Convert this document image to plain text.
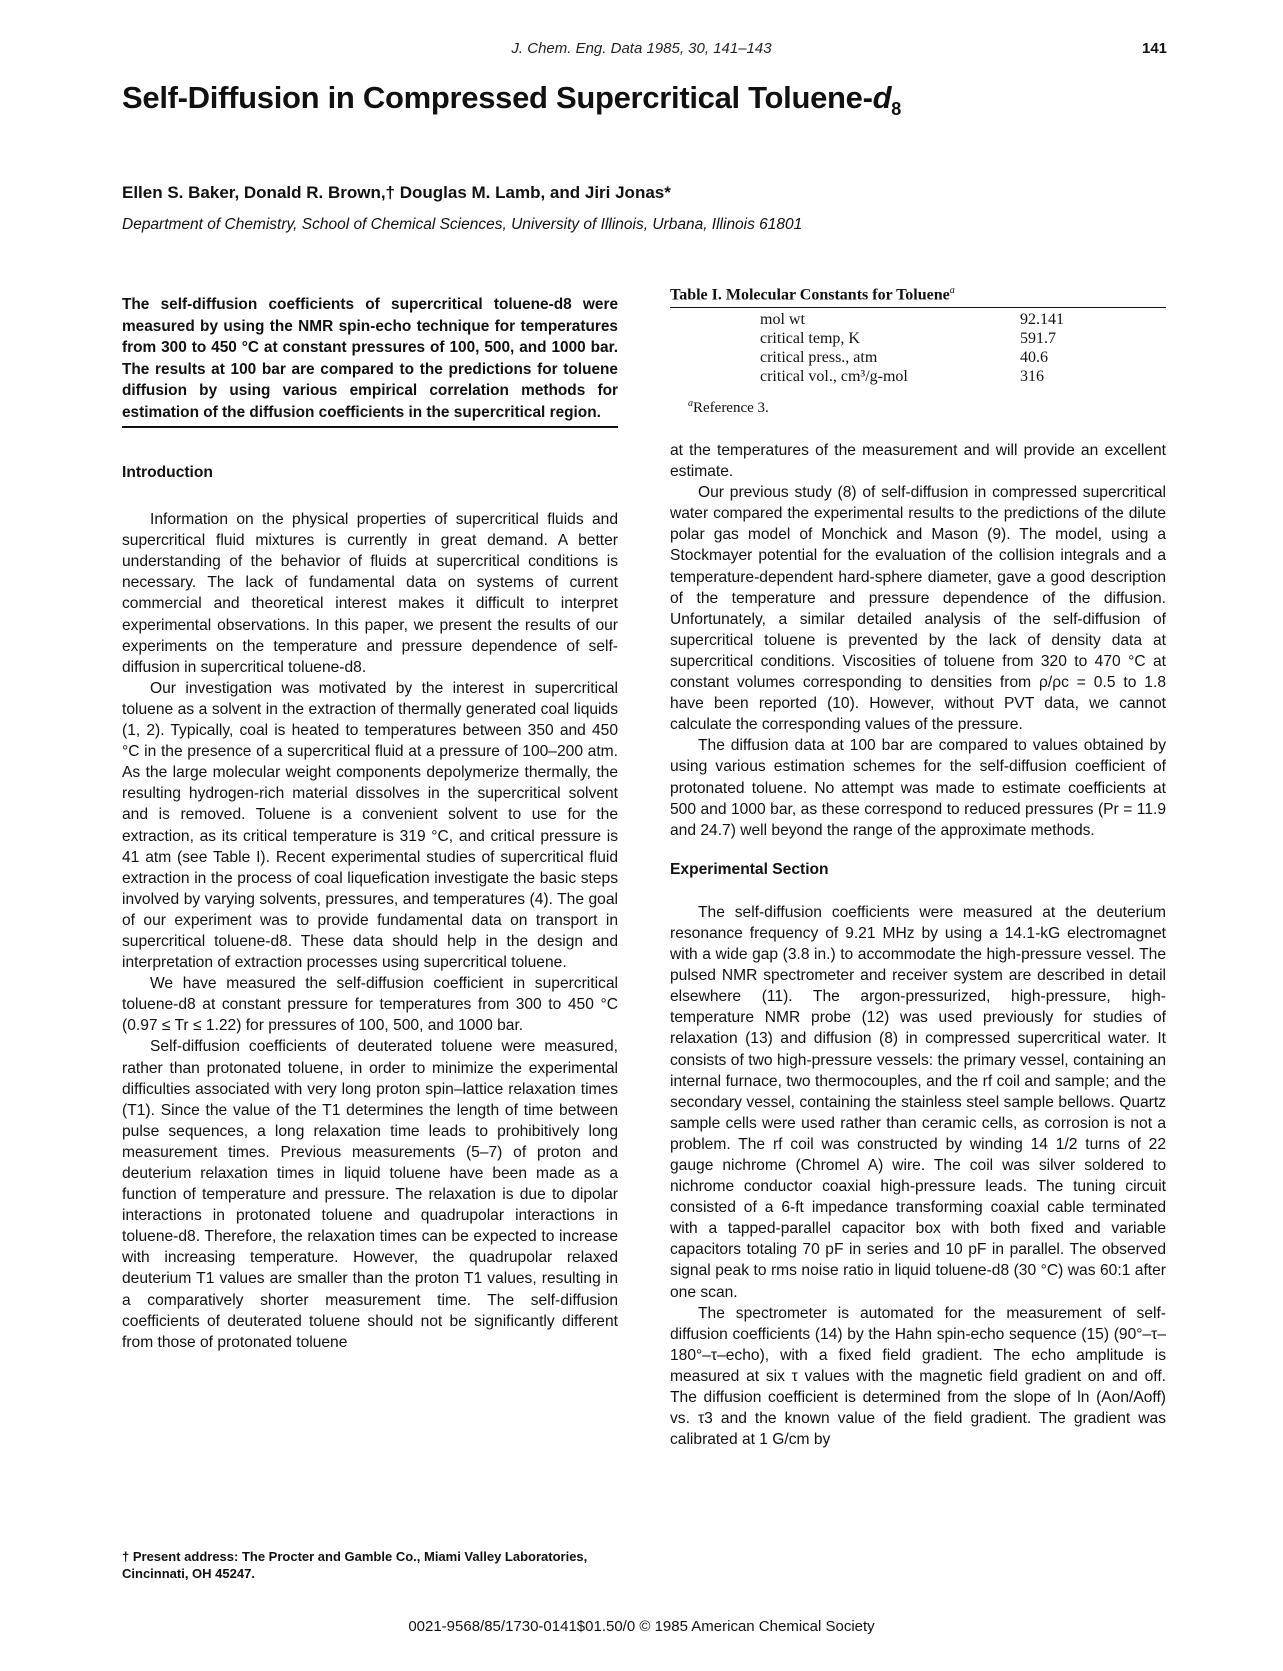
J. Chem. Eng. Data 1985, 30, 141–143	141
Self-Diffusion in Compressed Supercritical Toluene-$d_8$
Ellen S. Baker, Donald R. Brown,† Douglas M. Lamb, and Jiri Jonas*
Department of Chemistry, School of Chemical Sciences, University of Illinois, Urbana, Illinois 61801
The self-diffusion coefficients of supercritical toluene-d8 were measured by using the NMR spin-echo technique for temperatures from 300 to 450 °C at constant pressures of 100, 500, and 1000 bar. The results at 100 bar are compared to the predictions for toluene diffusion by using various empirical correlation methods for estimation of the diffusion coefficients in the supercritical region.
Introduction

Information on the physical properties of supercritical fluids and supercritical fluid mixtures is currently in great demand. A better understanding of the behavior of fluids at supercritical conditions is necessary. The lack of fundamental data on systems of current commercial and theoretical interest makes it difficult to interpret experimental observations. In this paper, we present the results of our experiments on the temperature and pressure dependence of self-diffusion in supercritical toluene-d8.

Our investigation was motivated by the interest in supercritical toluene as a solvent in the extraction of thermally generated coal liquids (1, 2). Typically, coal is heated to temperatures between 350 and 450 °C in the presence of a supercritical fluid at a pressure of 100–200 atm. As the large molecular weight components depolymerize thermally, the resulting hydrogen-rich material dissolves in the supercritical solvent and is removed. Toluene is a convenient solvent to use for the extraction, as its critical temperature is 319 °C, and critical pressure is 41 atm (see Table I). Recent experimental studies of supercritical fluid extraction in the process of coal liquefication investigate the basic steps involved by varying solvents, pressures, and temperatures (4). The goal of our experiment was to provide fundamental data on transport in supercritical toluene-d8. These data should help in the design and interpretation of extraction processes using supercritical toluene.

We have measured the self-diffusion coefficient in supercritical toluene-d8 at constant pressure for temperatures from 300 to 450 °C (0.97 ≤ Tr ≤ 1.22) for pressures of 100, 500, and 1000 bar.

Self-diffusion coefficients of deuterated toluene were measured, rather than protonated toluene, in order to minimize the experimental difficulties associated with very long proton spin–lattice relaxation times (T1). Since the value of the T1 determines the length of time between pulse sequences, a long relaxation time leads to prohibitively long measurement times. Previous measurements (5–7) of proton and deuterium relaxation times in liquid toluene have been made as a function of temperature and pressure. The relaxation is due to dipolar interactions in protonated toluene and quadrupolar interactions in toluene-d8. Therefore, the relaxation times can be expected to increase with increasing temperature. However, the quadrupolar relaxed deuterium T1 values are smaller than the proton T1 values, resulting in a comparatively shorter measurement time. The self-diffusion coefficients of deuterated toluene should not be significantly different from those of protonated toluene

† Present address: The Procter and Gamble Co., Miami Valley Laboratories, Cincinnati, OH 45247.
Table I. Molecular Constants for Toluene$^a$
mol wt	92.141
critical temp, K	591.7
critical press., atm	40.6
critical vol., cm³/g-mol	316
$^a$Reference 3.

at the temperatures of the measurement and will provide an excellent estimate.

Our previous study (8) of self-diffusion in compressed supercritical water compared the experimental results to the predictions of the dilute polar gas model of Monchick and Mason (9). The model, using a Stockmayer potential for the evaluation of the collision integrals and a temperature-dependent hard-sphere diameter, gave a good description of the temperature and pressure dependence of the diffusion. Unfortunately, a similar detailed analysis of the self-diffusion of supercritical toluene is prevented by the lack of density data at supercritical conditions. Viscosities of toluene from 320 to 470 °C at constant volumes corresponding to densities from ρ/ρc = 0.5 to 1.8 have been reported (10). However, without PVT data, we cannot calculate the corresponding values of the pressure.

The diffusion data at 100 bar are compared to values obtained by using various estimation schemes for the self-diffusion coefficient of protonated toluene. No attempt was made to estimate coefficients at 500 and 1000 bar, as these correspond to reduced pressures (Pr = 11.9 and 24.7) well beyond the range of the approximate methods.

Experimental Section

The self-diffusion coefficients were measured at the deuterium resonance frequency of 9.21 MHz by using a 14.1-kG electromagnet with a wide gap (3.8 in.) to accommodate the high-pressure vessel. The pulsed NMR spectrometer and receiver system are described in detail elsewhere (11). The argon-pressurized, high-pressure, high-temperature NMR probe (12) was used previously for studies of relaxation (13) and diffusion (8) in compressed supercritical water. It consists of two high-pressure vessels: the primary vessel, containing an internal furnace, two thermocouples, and the rf coil and sample; and the secondary vessel, containing the stainless steel sample bellows. Quartz sample cells were used rather than ceramic cells, as corrosion is not a problem. The rf coil was constructed by winding 14 1/2 turns of 22 gauge nichrome (Chromel A) wire. The coil was silver soldered to nichrome conductor coaxial high-pressure leads. The tuning circuit consisted of a 6-ft impedance transforming coaxial cable terminated with a tapped-parallel capacitor box with both fixed and variable capacitors totaling 70 pF in series and 10 pF in parallel. The observed signal peak to rms noise ratio in liquid toluene-d8 (30 °C) was 60:1 after one scan.

The spectrometer is automated for the measurement of self-diffusion coefficients (14) by the Hahn spin-echo sequence (15) (90°–τ–180°–τ–echo), with a fixed field gradient. The echo amplitude is measured at six τ values with the magnetic field gradient on and off. The diffusion coefficient is determined from the slope of ln (Aon/Aoff) vs. τ3 and the known value of the field gradient. The gradient was calibrated at 1 G/cm by

0021-9568/85/1730-0141$01.50/0 © 1985 American Chemical Society
